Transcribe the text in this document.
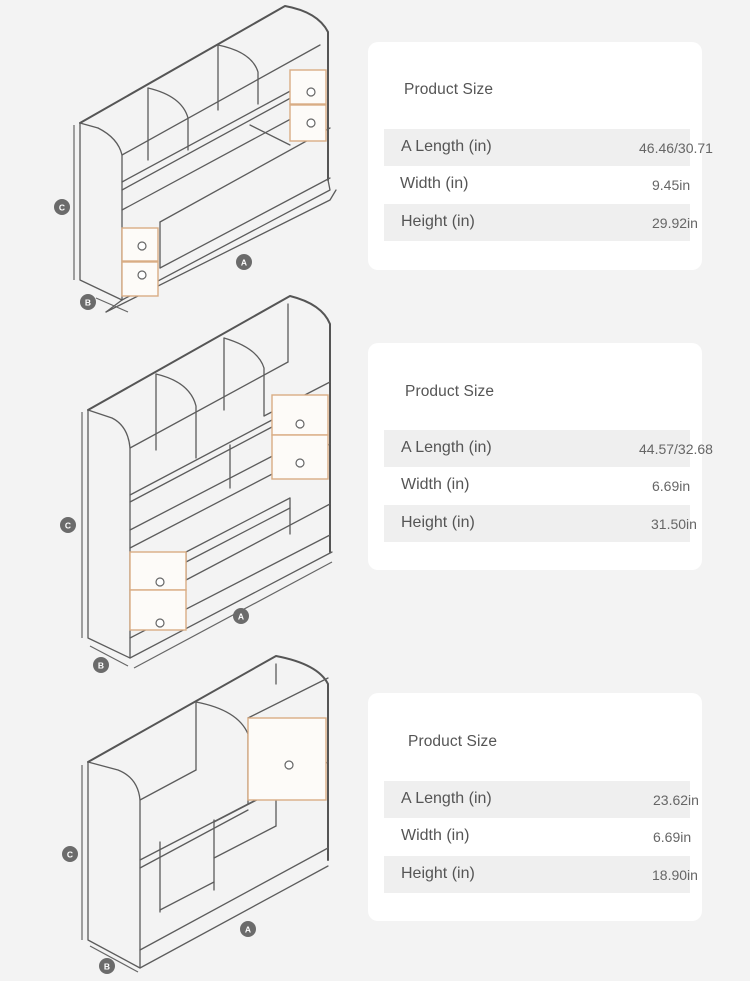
A
B
C
A
B
C
A
B
C
Product Size
A Length (in)	46.46/30.71
Width (in)	9.45in
Height (in)	29.92in
Product Size
A Length (in)	44.57/32.68
Width (in)	6.69in
Height (in)	31.50in
Product Size
A Length (in)	23.62in
Width (in)	6.69in
Height (in)	18.90in
